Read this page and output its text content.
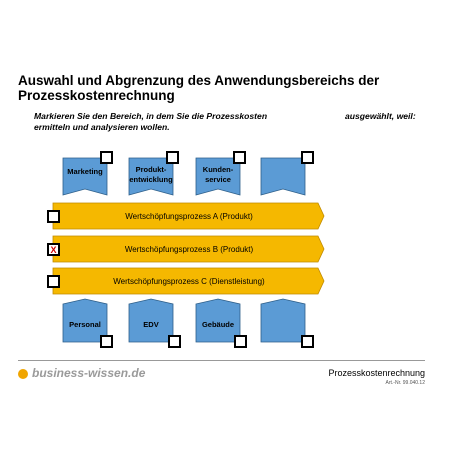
Auswahl und Abgrenzung des Anwendungsbereichs der
Prozesskostenrechnung
Markieren Sie den Bereich, in dem Sie die Prozesskosten
ermitteln und analysieren wollen.
ausgewählt, weil:
Marketing	Produkt-
entwicklung
Kunden-
service
Wertschöpfungsprozess A (Produkt)
Wertschöpfungsprozess B (Produkt)
X
Wertschöpfungsprozess C (Dienstleistung)
Personal	EDV	Gebäude
business-wissen.de	Prozesskostenrechnung
Art.-Nr. 99.040.12
